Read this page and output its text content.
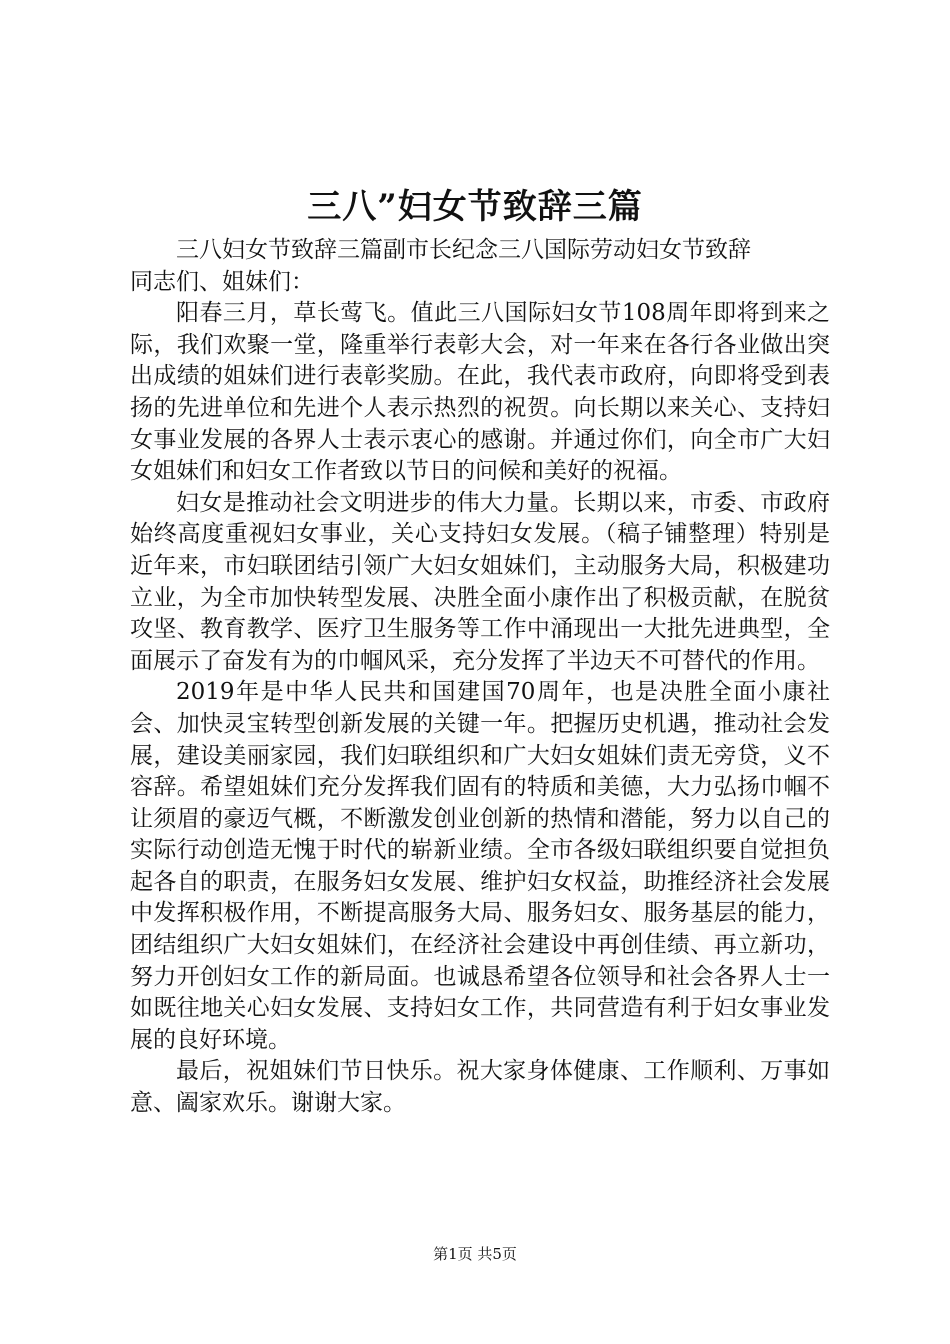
三八”妇女节致辞三篇

三八妇女节致辞三篇副市长纪念三八国际劳动妇女节致辞

同志们、姐妹们：

阳春三月，草长莺飞。值此三八国际妇女节108周年即将到来之际，我们欢聚一堂，隆重举行表彰大会，对一年来在各行各业做出突出成绩的姐妹们进行表彰奖励。在此，我代表市政府，向即将受到表扬的先进单位和先进个人表示热烈的祝贺。向长期以来关心、支持妇女事业发展的各界人士表示衷心的感谢。并通过你们，向全市广大妇女姐妹们和妇女工作者致以节日的问候和美好的祝福。

妇女是推动社会文明进步的伟大力量。长期以来，市委、市政府始终高度重视妇女事业，关心支持妇女发展。（稿子铺整理）特别是近年来，市妇联团结引领广大妇女姐妹们，主动服务大局，积极建功立业，为全市加快转型发展、决胜全面小康作出了积极贡献，在脱贫攻坚、教育教学、医疗卫生服务等工作中涌现出一大批先进典型，全面展示了奋发有为的巾帼风采，充分发挥了半边天不可替代的作用。

2019年是中华人民共和国建国70周年，也是决胜全面小康社会、加快灵宝转型创新发展的关键一年。把握历史机遇，推动社会发展，建设美丽家园，我们妇联组织和广大妇女姐妹们责无旁贷，义不容辞。希望姐妹们充分发挥我们固有的特质和美德，大力弘扬巾帼不让须眉的豪迈气概，不断激发创业创新的热情和潜能，努力以自己的实际行动创造无愧于时代的崭新业绩。全市各级妇联组织要自觉担负起各自的职责，在服务妇女发展、维护妇女权益，助推经济社会发展中发挥积极作用，不断提高服务大局、服务妇女、服务基层的能力，团结组织广大妇女姐妹们，在经济社会建设中再创佳绩、再立新功，努力开创妇女工作的新局面。也诚恳希望各位领导和社会各界人士一如既往地关心妇女发展、支持妇女工作，共同营造有利于妇女事业发展的良好环境。

最后，祝姐妹们节日快乐。祝大家身体健康、工作顺利、万事如意、阖家欢乐。谢谢大家。

第1页 共5页
